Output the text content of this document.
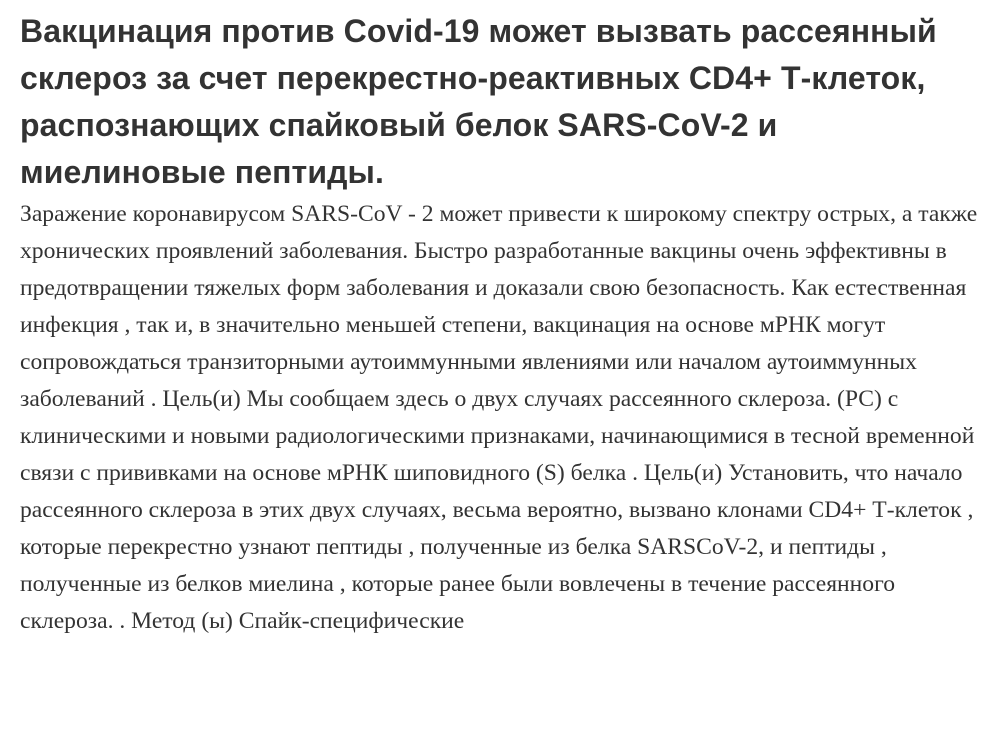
Вакцинация против Covid-19 может вызвать рассеянный склероз за счет перекрестно-реактивных CD4+ Т-клеток, распознающих спайковый белок SARS-CoV-2 и миелиновые пептиды.

Заражение коронавирусом SARS-CoV - 2 может привести к широкому спектру острых, а также хронических проявлений заболевания. Быстро разработанные вакцины очень эффективны в предотвращении тяжелых форм заболевания и доказали свою безопасность. Как естественная инфекция , так и, в значительно меньшей степени, вакцинация на основе мРНК могут сопровождаться транзиторными аутоиммунными явлениями или началом аутоиммунных заболеваний . Цель(и) Мы сообщаем здесь о двух случаях рассеянного склероза. (РС) с клиническими и новыми радиологическими признаками, начинающимися в тесной временной связи с прививками на основе мРНК шиповидного (S) белка . Цель(и) Установить, что начало рассеянного склероза в этих двух случаях, весьма вероятно, вызвано клонами CD4+ Т-клеток , которые перекрестно узнают пептиды , полученные из белка SARSCoV-2, и пептиды , полученные из белков миелина , которые ранее были вовлечены в течение рассеянного склероза. . Метод (ы) Спайк-специфические
